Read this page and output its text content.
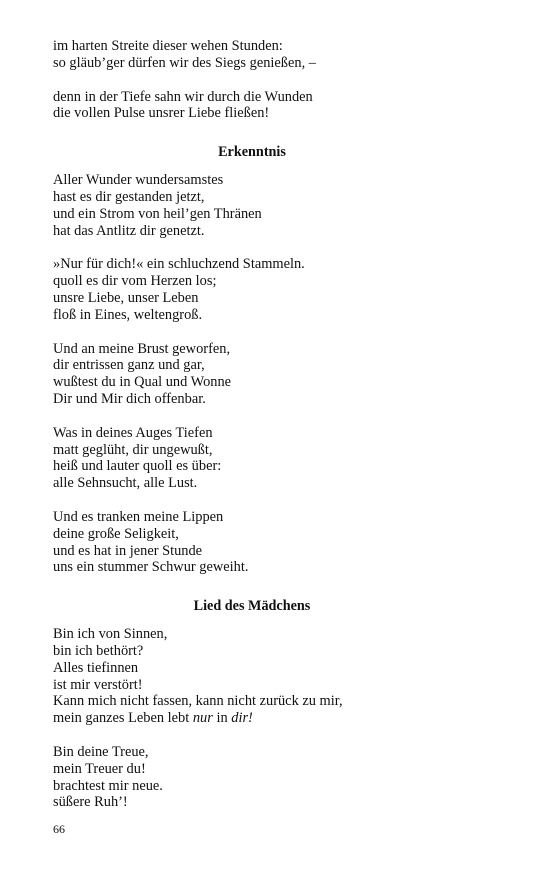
im harten Streite dieser wehen Stunden:
so gläub’ger dürfen wir des Siegs genießen, –
denn in der Tiefe sahn wir durch die Wunden
die vollen Pulse unsrer Liebe fließen!
Erkenntnis
Aller Wunder wundersamstes
hast es dir gestanden jetzt,
und ein Strom von heil’gen Thränen
hat das Antlitz dir genetzt.
»Nur für dich!« ein schluchzend Stammeln.
quoll es dir vom Herzen los;
unsre Liebe, unser Leben
floß in Eines, weltengroß.
Und an meine Brust geworfen,
dir entrissen ganz und gar,
wußtest du in Qual und Wonne
Dir und Mir dich offenbar.
Was in deines Auges Tiefen
matt geglüht, dir ungewußt,
heiß und lauter quoll es über:
alle Sehnsucht, alle Lust.
Und es tranken meine Lippen
deine große Seligkeit,
und es hat in jener Stunde
uns ein stummer Schwur geweiht.
Lied des Mädchens
Bin ich von Sinnen,
bin ich bethört?
Alles tiefinnen
ist mir verstört!
Kann mich nicht fassen, kann nicht zurück zu mir,
mein ganzes Leben lebt nur in dir!
Bin deine Treue,
mein Treuer du!
brachtest mir neue.
süßere Ruh’!
66
